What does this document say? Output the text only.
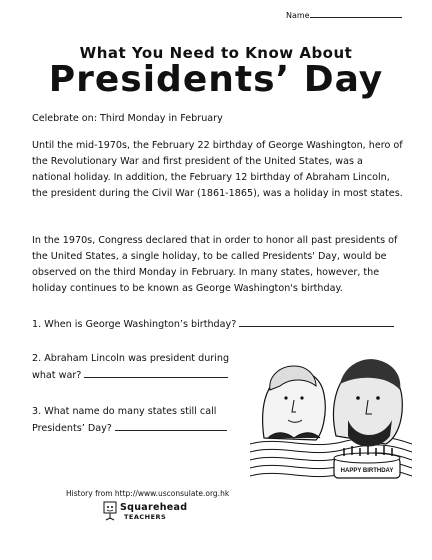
Name
What You Need to Know About
Presidents’ Day
Celebrate on: Third Monday in February
Until the mid-1970s, the February 22 birthday of George Washington, hero of the Revolutionary War and first president of the United States, was a national holiday. In addition, the February 12 birthday of Abraham Lincoln, the president during the Civil War (1861-1865), was a holiday in most states.
In the 1970s, Congress declared that in order to honor all past presidents of the United States, a single holiday, to be called Presidents' Day, would be observed on the third Monday in February. In many states, however, the holiday continues to be known as George Washington's birthday.
1. When is George Washington’s birthday?
2. Abraham Lincoln was president during
what war?
3. What name do many states still call
Presidents’ Day?
HAPPY BIRTHDAY
History from http://www.usconsulate.org.hk
Squarehead
TEACHERS
